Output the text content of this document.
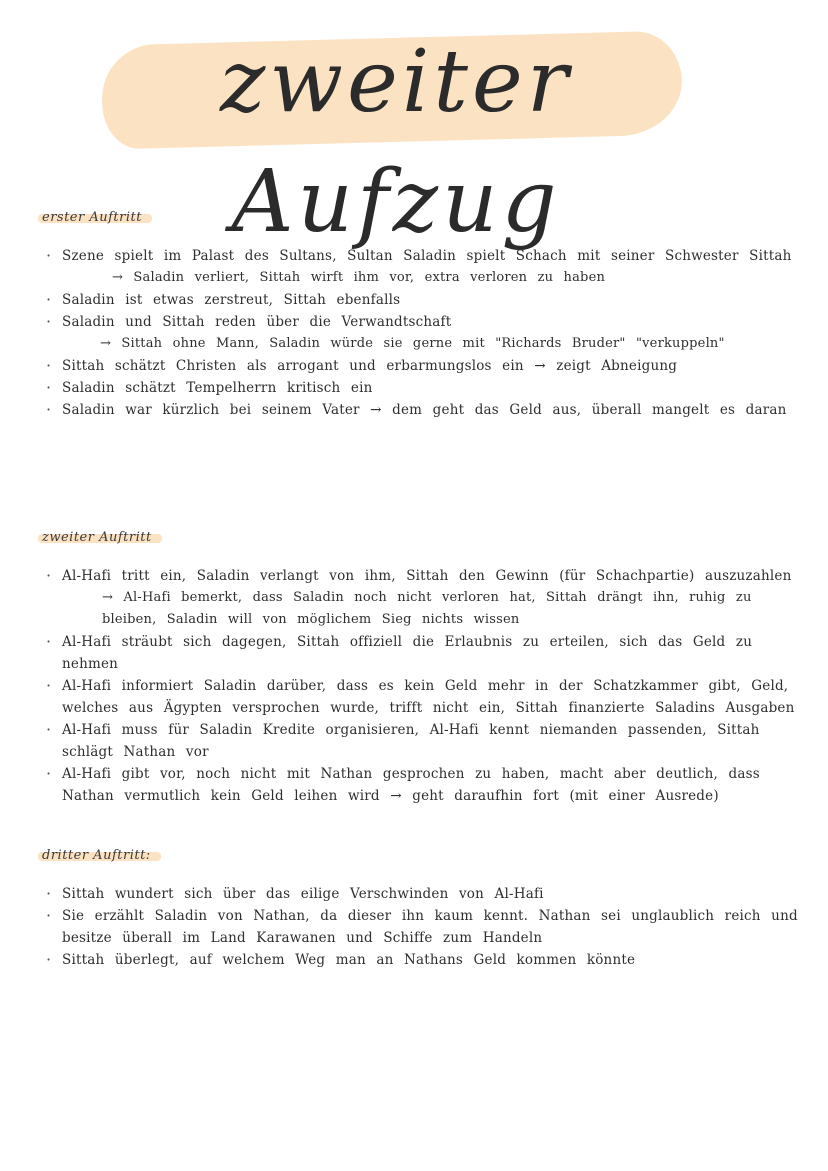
zweiter Aufzug
erster Auftritt
· Szene spielt im Palast des Sultans, Sultan Saladin spielt Schach mit seiner Schwester Sittah
→ Saladin verliert, Sittah wirft ihm vor, extra verloren zu haben
· Saladin ist etwas zerstreut, Sittah ebenfalls
· Saladin und Sittah reden über die Verwandtschaft
→ Sittah ohne Mann, Saladin würde sie gerne mit "Richards Bruder" "verkuppeln"
· Sittah schätzt Christen als arrogant und erbarmungslos ein → zeigt Abneigung
· Saladin schätzt Tempelherrn kritisch ein
· Saladin war kürzlich bei seinem Vater → dem geht das Geld aus, überall mangelt es daran
zweiter Auftritt
· Al-Hafi tritt ein, Saladin verlangt von ihm, Sittah den Gewinn (für Schachpartie) auszuzahlen
→ Al-Hafi bemerkt, dass Saladin noch nicht verloren hat, Sittah drängt ihn, ruhig zu bleiben, Saladin will von möglichem Sieg nichts wissen
· Al-Hafi sträubt sich dagegen, Sittah offiziell die Erlaubnis zu erteilen, sich das Geld zu nehmen
· Al-Hafi informiert Saladin darüber, dass es kein Geld mehr in der Schatzkammer gibt, Geld, welches aus Ägypten versprochen wurde, trifft nicht ein, Sittah finanzierte Saladins Ausgaben
· Al-Hafi muss für Saladin Kredite organisieren, Al-Hafi kennt niemanden passenden, Sittah schlägt Nathan vor
· Al-Hafi gibt vor, noch nicht mit Nathan gesprochen zu haben, macht aber deutlich, dass Nathan vermutlich kein Geld leihen wird → geht daraufhin fort (mit einer Ausrede)
dritter Auftritt:
· Sittah wundert sich über das eilige Verschwinden von Al-Hafi
· Sie erzählt Saladin von Nathan, da dieser ihn kaum kennt. Nathan sei unglaublich reich und besitze überall im Land Karawanen und Schiffe zum Handeln
· Sittah überlegt, auf welchem Weg man an Nathans Geld kommen könnte
